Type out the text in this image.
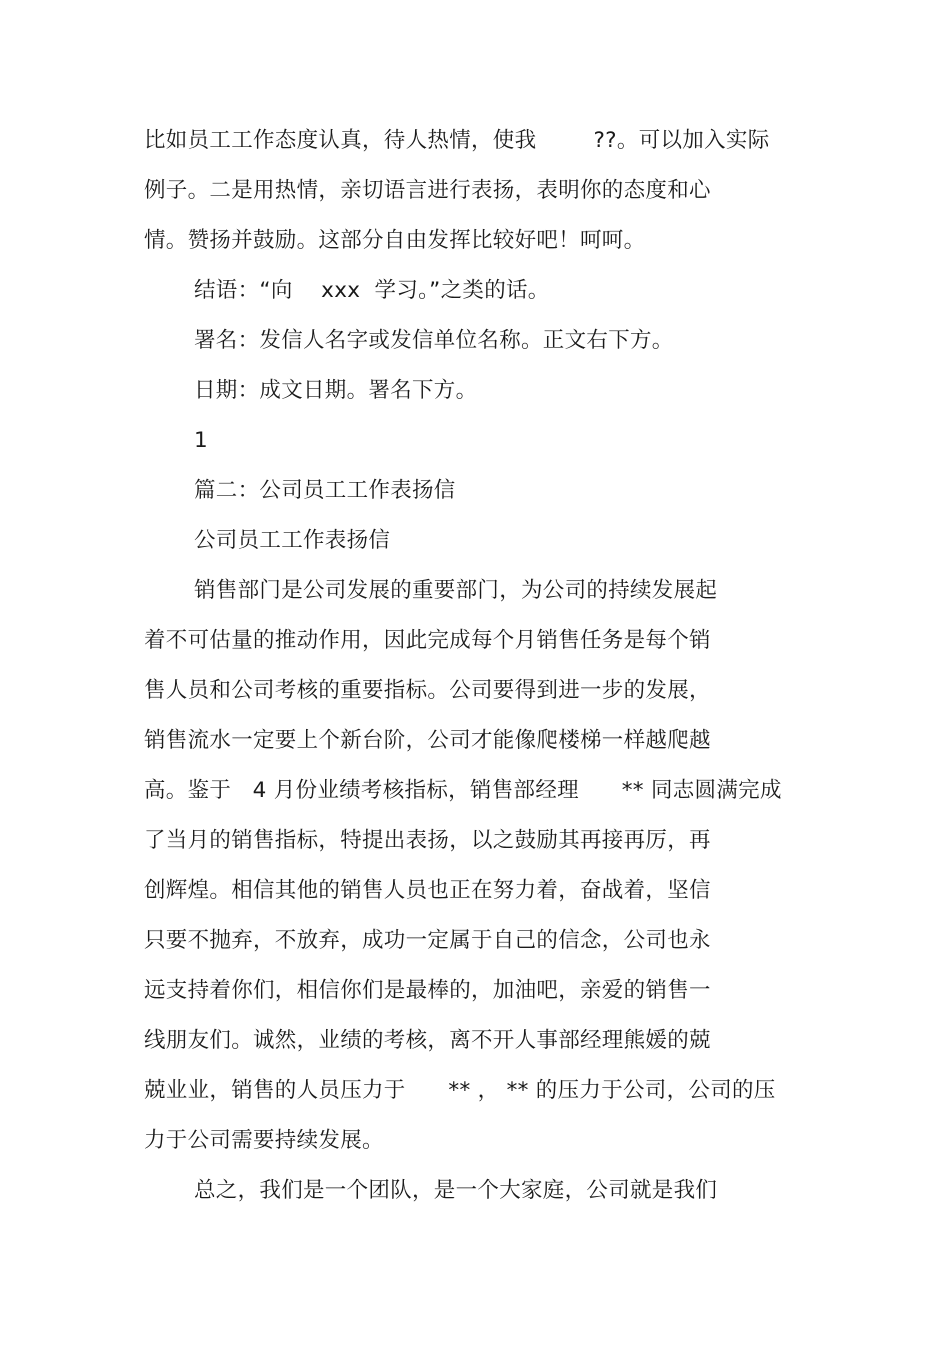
比如员工工作态度认真，待人热情，使我        ??。可以加入实际
例子。二是用热情，亲切语言进行表扬，表明你的态度和心
情。赞扬并鼓励。这部分自由发挥比较好吧！呵呵。
结语：“向    xxx  学习。”之类的话。
署名：发信人名字或发信单位名称。正文右下方。
日期：成文日期。署名下方。
1
篇二：公司员工工作表扬信
公司员工工作表扬信
销售部门是公司发展的重要部门，为公司的持续发展起
着不可估量的推动作用，因此完成每个月销售任务是每个销
售人员和公司考核的重要指标。公司要得到进一步的发展，
销售流水一定要上个新台阶，公司才能像爬楼梯一样越爬越
高。鉴于   4 月份业绩考核指标，销售部经理      ** 同志圆满完成
了当月的销售指标，特提出表扬，以之鼓励其再接再厉，再
创辉煌。相信其他的销售人员也正在努力着，奋战着，坚信
只要不抛弃，不放弃，成功一定属于自己的信念，公司也永
远支持着你们，相信你们是最棒的，加油吧，亲爱的销售一
线朋友们。诚然，业绩的考核，离不开人事部经理熊媛的兢
兢业业，销售的人员压力于      ** ， ** 的压力于公司，公司的压
力于公司需要持续发展。
总之，我们是一个团队，是一个大家庭，公司就是我们
